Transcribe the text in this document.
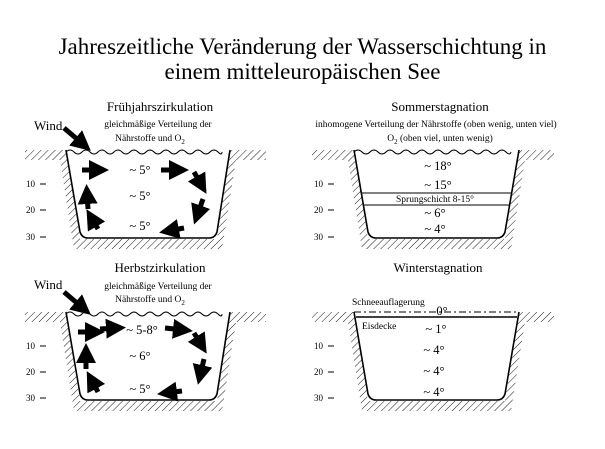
Jahreszeitliche Veränderung der Wasserschichtung in
einem mitteleuropäischen See
Frühjahrszirkulation
Wind	gleichmäßige Verteilung der
Nährstoffe und $O_2$
10
20
30
~ 5°
~ 5°
~ 5°
Sommerstagnation
inhomogene Verteilung der Nährstoffe (oben wenig, unten viel)
$O_2$ (oben viel, unten wenig)
10
20
30
Sprungschicht 8-15°
~ 18°
~ 15°
~ 6°
~ 4°
Herbstzirkulation
Wind	gleichmäßige Verteilung der
Nährstoffe und $O_2$
10
20
30
~ 5-8°
~ 6°
~ 5°
Winterstagnation
Schneeauflagerung
Eisdecke
10
20
30
0°
~ 1°
~ 4°
~ 4°
~ 4°
